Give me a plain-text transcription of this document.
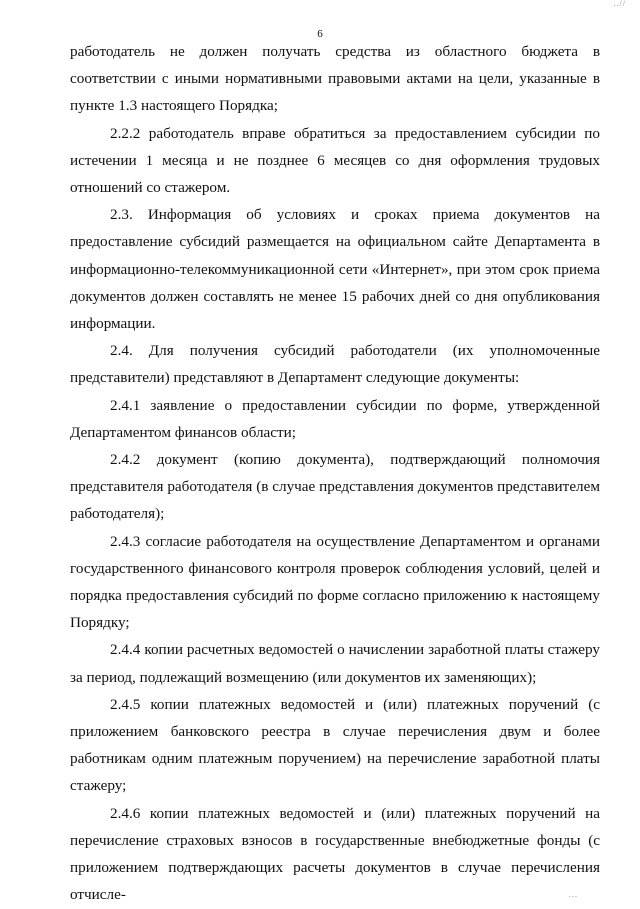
..//
6

работодатель не должен получать средства из областного бюджета в соответствии с иными нормативными правовыми актами на цели, указанные в пункте 1.3 настоящего Порядка;

2.2.2 работодатель вправе обратиться за предоставлением субсидии по истечении 1 месяца и не позднее 6 месяцев со дня оформления трудовых отношений со стажером.

2.3. Информация об условиях и сроках приема документов на предоставление субсидий размещается на официальном сайте Департамента в информационно-телекоммуникационной сети «Интернет», при этом срок приема документов должен составлять не менее 15 рабочих дней со дня опубликования информации.

2.4. Для получения субсидий работодатели (их уполномоченные представители) представляют в Департамент следующие документы:

2.4.1 заявление о предоставлении субсидии по форме, утвержденной Департаментом финансов области;

2.4.2 документ (копию документа), подтверждающий полномочия представителя работодателя (в случае представления документов представителем работодателя);

2.4.3 согласие работодателя на осуществление Департаментом и органами государственного финансового контроля проверок соблюдения условий, целей и порядка предоставления субсидий по форме согласно приложению к настоящему Порядку;

2.4.4 копии расчетных ведомостей о начислении заработной платы стажеру за период, подлежащий возмещению (или документов их заменяющих);

2.4.5 копии платежных ведомостей и (или) платежных поручений (с приложением банковского реестра в случае перечисления двум и более работникам одним платежным поручением) на перечисление заработной платы стажеру;

2.4.6 копии платежных ведомостей и (или) платежных поручений на перечисление страховых взносов в государственные внебюджетные фонды (с приложением подтверждающих расчеты документов в случае перечисления отчисле-	...
